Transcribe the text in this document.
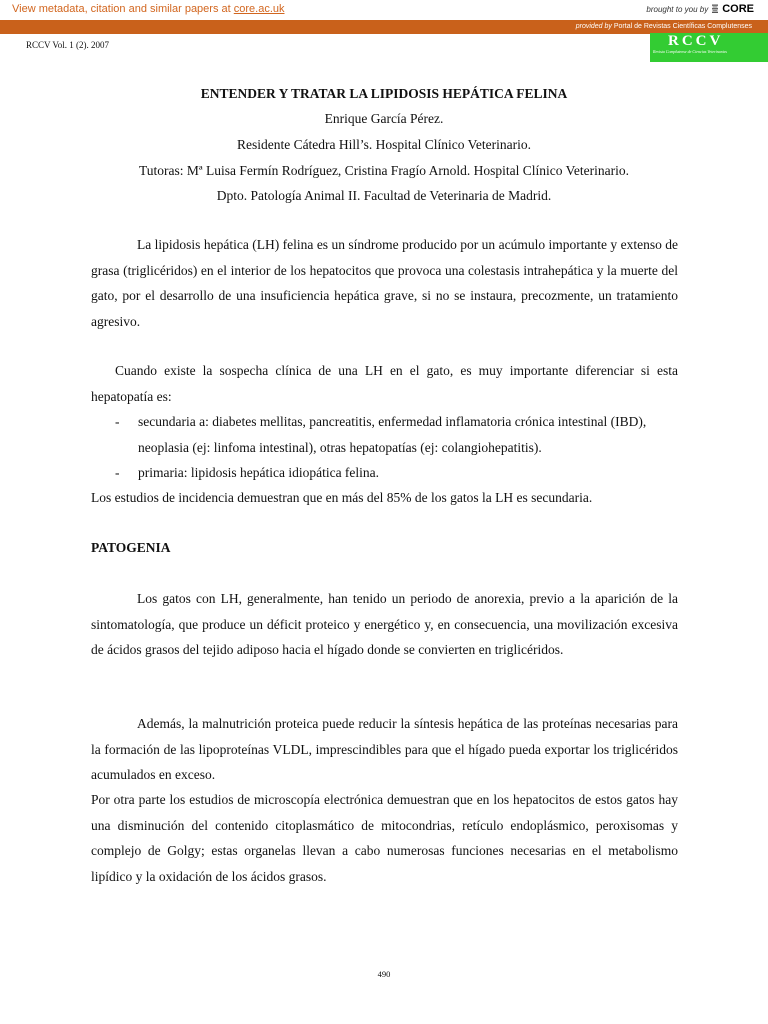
View metadata, citation and similar papers at core.ac.uk	brought to you by CORE
provided by Portal de Revistas Científicas Complutenses
RCCV Vol. 1 (2). 2007	RCCV
Revista Complutense de Ciencias Veterinarias
ENTENDER Y TRATAR LA LIPIDOSIS HEPÁTICA FELINA
Enrique García Pérez.
Residente Cátedra Hill’s. Hospital Clínico Veterinario.
Tutoras: Mª Luisa Fermín Rodríguez, Cristina Fragío Arnold. Hospital Clínico Veterinario.
Dpto. Patología Animal II. Facultad de Veterinaria de Madrid.

La lipidosis hepática (LH) felina es un síndrome producido por un acúmulo importante y extenso de grasa (triglicéridos) en el interior de los hepatocitos que provoca una colestasis intrahepática y la muerte del gato, por el desarrollo de una insuficiencia hepática grave, si no se instaura, precozmente, un tratamiento agresivo.

Cuando existe la sospecha clínica de una LH en el gato, es muy importante diferenciar si esta hepatopatía es:

- secundaria a: diabetes mellitas, pancreatitis, enfermedad inflamatoria crónica intestinal (IBD), neoplasia (ej: linfoma intestinal), otras hepatopatías (ej: colangiohepatitis).
- primaria: lipidosis hepática idiopática felina.

Los estudios de incidencia demuestran que en más del 85% de los gatos la LH es secundaria.

PATOGENIA

Los gatos con LH, generalmente, han tenido un periodo de anorexia, previo a la aparición de la sintomatología, que produce un déficit proteico y energético y, en consecuencia, una movilización excesiva de ácidos grasos del tejido adiposo hacia el hígado donde se convierten en triglicéridos.

Además, la malnutrición proteica puede reducir la síntesis hepática de las proteínas necesarias para la formación de las lipoproteínas VLDL, imprescindibles para que el hígado pueda exportar los triglicéridos acumulados en exceso.

Por otra parte los estudios de microscopía electrónica demuestran que en los hepatocitos de estos gatos hay una disminución del contenido citoplasmático de mitocondrias, retículo endoplásmico, peroxisomas y complejo de Golgy; estas organelas llevan a cabo numerosas funciones necesarias en el metabolismo lipídico y la oxidación de los ácidos grasos.

490
